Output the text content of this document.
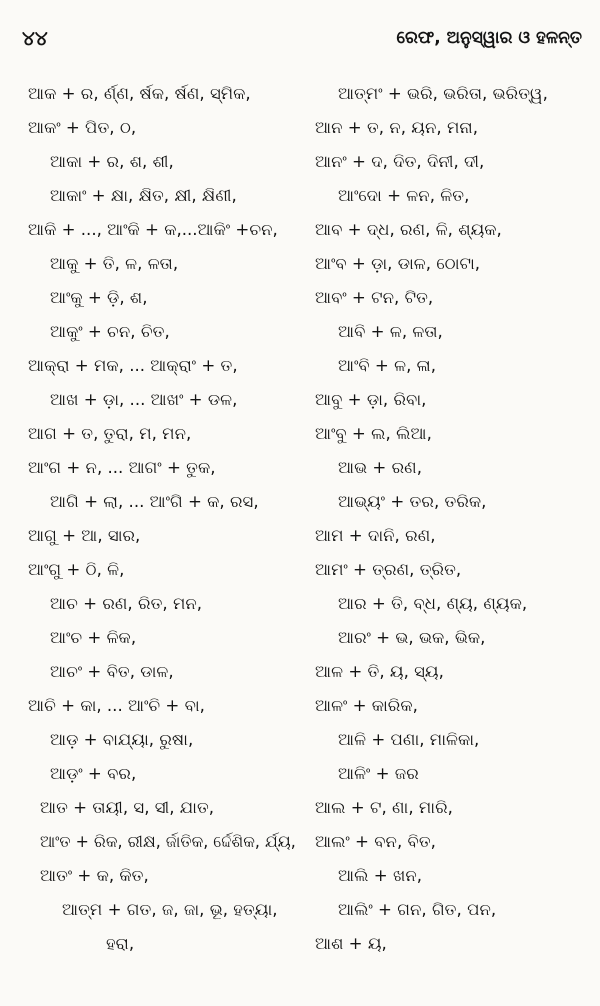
୪୪	ରେଫ, ଅନୁସ୍ୱାର ଓ ହଳନ୍ତ
ଆକ + ର, ର୍ଣ୍ଣ, ର୍ଷକ, ର୍ଷଣ, ସ୍ମିକ,
ଆକଂ + ପିତ, ଠ,
ଆକା + ର, ଶ, ଶୀ,
ଆକାଂ + କ୍ଷା, କ୍ଷିତ, କ୍ଷୀ, କ୍ଷିଣୀ,
ଆକି + ..., ଆଂକି + କ,...ଆକିଂ +ଚନ,
ଆକୁ + ତି, ଳ, ଳତା,
ଆଂକୁ + ଡ଼ି, ଶ,
ଆକୁଂ + ଚନ, ଚିତ,
ଆକ୍ରା + ମକ, ... ଆକ୍ରାଂ + ତ,
ଆଖ + ଡ଼ା, ... ଆଖଂ + ଡଳ,
ଆଗ + ତ, ତୁରା, ମ, ମନ,
ଆଂଗ + ନ, ... ଆଗଂ + ତୁକ,
ଆଗି + ଲା, ... ଆଂଗି + କ, ରସ,
ଆଗୁ + ଆ, ସାର,
ଆଂଗୁ + ଠି, ଳି,
ଆଚ + ରଣ, ରିତ, ମନ,
ଆଂଚ + ଳିକ,
ଆଚଂ + ବିତ, ଡାଳ,
ଆଚି + କା, ... ଆଂଚି + ବା,
ଆଡ଼ + ବାଯ୍ୟା, ରୁଷା,
ଆଡ଼ଂ + ବର,
ଆତ + ତାୟୀ, ସ, ସୀ, ଯାତ,
ଆଂତ + ରିକ, ରୀକ୍ଷ, ର୍ଜାତିକ, ର୍ଦ୍ଦେଶିକ, ର୍ଯ୍ୟ,
ଆତଂ + କ, କିତ,
ଆତ୍ମ + ଗତ, ଜ, ଜା, ଭୂ, ହତ୍ୟା,
ହରା,
ଆତ୍ମଂ + ଭରି, ଭରିତା, ଭରିତ୍ୱ,
ଆନ + ତ, ନ, ୟନ, ମନା,
ଆନଂ + ଦ, ଦିତ, ଦିନୀ, ଦୀ,
ଆଂଦୋ + ଳନ, ଳିତ,
ଆବ + ଦ୍ଧ, ରଣ, ଳି, ଶ୍ୟକ,
ଆଂବ + ଡ଼ା, ଡାଳ, ଠୋଟା,
ଆବଂ + ଟନ, ଟିତ,
ଆବି + ଳ, ଳତା,
ଆଂବି + ଳ, ଳା,
ଆବୁ + ଡ଼ା, ରିବା,
ଆଂବୁ + ଲ, ଲିଆ,
ଆଭ + ରଣ,
ଆଭ୍ୟଂ + ତର, ତରିକ,
ଆମ + ଦାନି, ରଣ,
ଆମଂ + ତ୍ରଣ, ତ୍ରିତ,
ଆର + ତି, ବ୍ଧ, ଣ୍ୟ, ଣ୍ୟକ,
ଆରଂ + ଭ, ଭକ, ଭିକ,
ଆଳ + ତି, ୟ, ସ୍ୟ,
ଆଳଂ + କାରିକ,
ଆଳି + ପଣା, ମାଳିକା,
ଆଳିଂ + ଜର
ଆଲ + ଟ, ଣା, ମାରି,
ଆଲଂ + ବନ, ବିତ,
ଆଲି + ଖନ,
ଆଲିଂ + ଗନ, ଗିତ, ପନ,
ଆଶ + ୟ,
